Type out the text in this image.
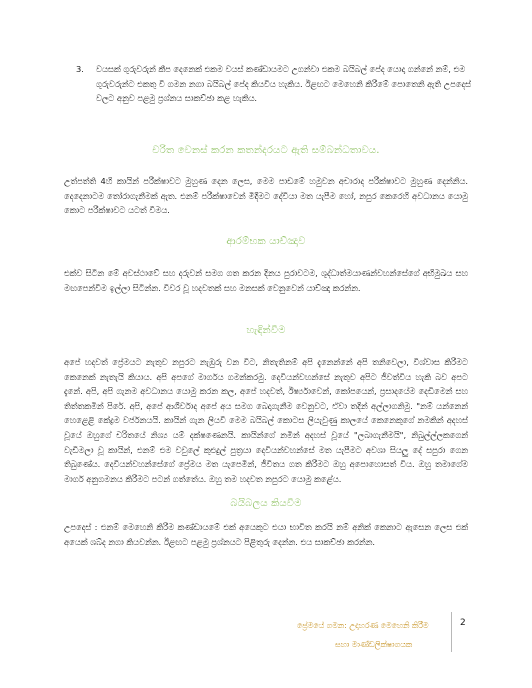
3. වයසක් ගුරුවරුන් කීප දෙනෙක් එකම වයස් කණ්ඩායමට උගන්වා එකම බයිබල් පේද යොදා ගන්නේ නම්, එම ගුරුවරුන්ට එකතු වී ගමන නගා බයිබල් පේද කියවිය හැකිය. ඊළඟට මෙහෙනි කිරීමේ පොතෙනි ඇති උපදෙස් වලට අනුව පළමු ප්‍රශ්නය සාකච්ඡා කළ හැකිය.
චරිත වෙනස් කරන කතන්දරයට ඇති සම්බන්ධතාවය.
උත්පත්ති 4හි කායින් පරීක්ෂාවට මුහුණ දෙන ලෙස, මෙම පාඩමේ හමුවන අචාරාද පරීක්ෂාවට මුහුණ දෙන්නිය. දෙදෙනාටම තෝරාගැනීමක් ඇත. එනම් පරීක්ෂාවෙන් මිදීමට දේවියා මත යැපීම හෝ, නපුර කෙරෙහි අවධානය යොමු කොට පරීක්ෂාවට යටත් වීමය.
ආරම්භක යාච්ඤාව
එක්ව සිටින මේ අවස්ථාවේ සහ දරුවන් සමග ගත කරන දිනය පුරාවටම, ශුද්ධාත්මයාණන්වහන්සේගේ අභිමුඛය සහ මඟපෙන්වීම ඉල්ලා සිටින්න. විවර වූ හදවතක් සහ මනසක් වෙනුවෙන් යාච්ඤා කරන්න.
හැඳින්වීම
අපේ හදවත් ප්‍රේමයට නැතුව නපුරට නැඹුරු වන විට, නිතැතිනම් අපි දැනෙන්නේ අපි තනිවෙලා, විශ්වාස කිරීමට කෙනෙක් නැතැයි කියාය. අපි අපගේ මාර්ගය ගමන්කරමු. දෙවියන්වහන්සේ නැතුව අපිට ජීවත්විය හැකි බව අපට දැනේ. අපි, අපි ගැනම අවධානය යොමු කරන කල, අපේ හදවත්, ඊර්ෂ්‍යාවෙන්, කෝපයෙන්, ප්‍රසාදයේම දෙඩිමෙන් සහ තිත්තකමින් පිරේ. අපි, අපේ ආශීර්වාද අපේ අය සමග බෙදාගැනීම වෙනුවට, ඒවා තදින් අල්ලාගනිමු. "නම් යන්නෙන් හෙළෙළි කේද්‍රම වර්ජනයයි. කායින් ගැන ලියවී මෙම බයිබල් කොටස ලියැවුණු කාලයේ කෙනෙකුගේ නමකින් අදහස් වූයේ ඔහුගේ චරිතයේ නිශ්‍ය යම් දක්ෂණෙනයි. කායින්ගේ නමින් අදහස් වූයේ "ලබාගැනීමයි", නිබුල්ල්ලකගෙන් වැඩිමලා වූ කායින්, එනම් එම වවුලේ කුළුදුල් පුත්‍රයා දෙවියන්වහන්සේ මත යැපීමට අවශා සියලු දේ සපුරා ගෙන තිබුණේය. දෙවියන්වහන්සේගේ ප්‍රේමය මත යැපෙමින්, ජීවිතය ගත කිරීමට ඔහු අපොහොසත් විය. ඔහු තමාගේම මාර්ග අනුගමනය කිරීමට පටන් ගත්තේය. ඔහු තම හදවත නපුරට යොමු කළේය.
බයිබලය කියවීම
උපදෙස් : එනම් මෙහෙනි කිරීම කණ්ඩායමේ එක් අයෙකුට එයා භාවිත කරයි නම් අනික් කෙනාට ඇසෙන ලෙස එක් අයෙක් ශබ්ද නගා කියවන්න. ඊළඟට පළමු ප්‍රශ්නයට පිළිතුරු දෙන්න. එය සාකච්ඡා කරන්න.
ප්‍රේමයේ ගමන: උදාහරණ මෙහෙනි කිරීම
සහා මාණ්ඩලික්ෂාගයක
2
